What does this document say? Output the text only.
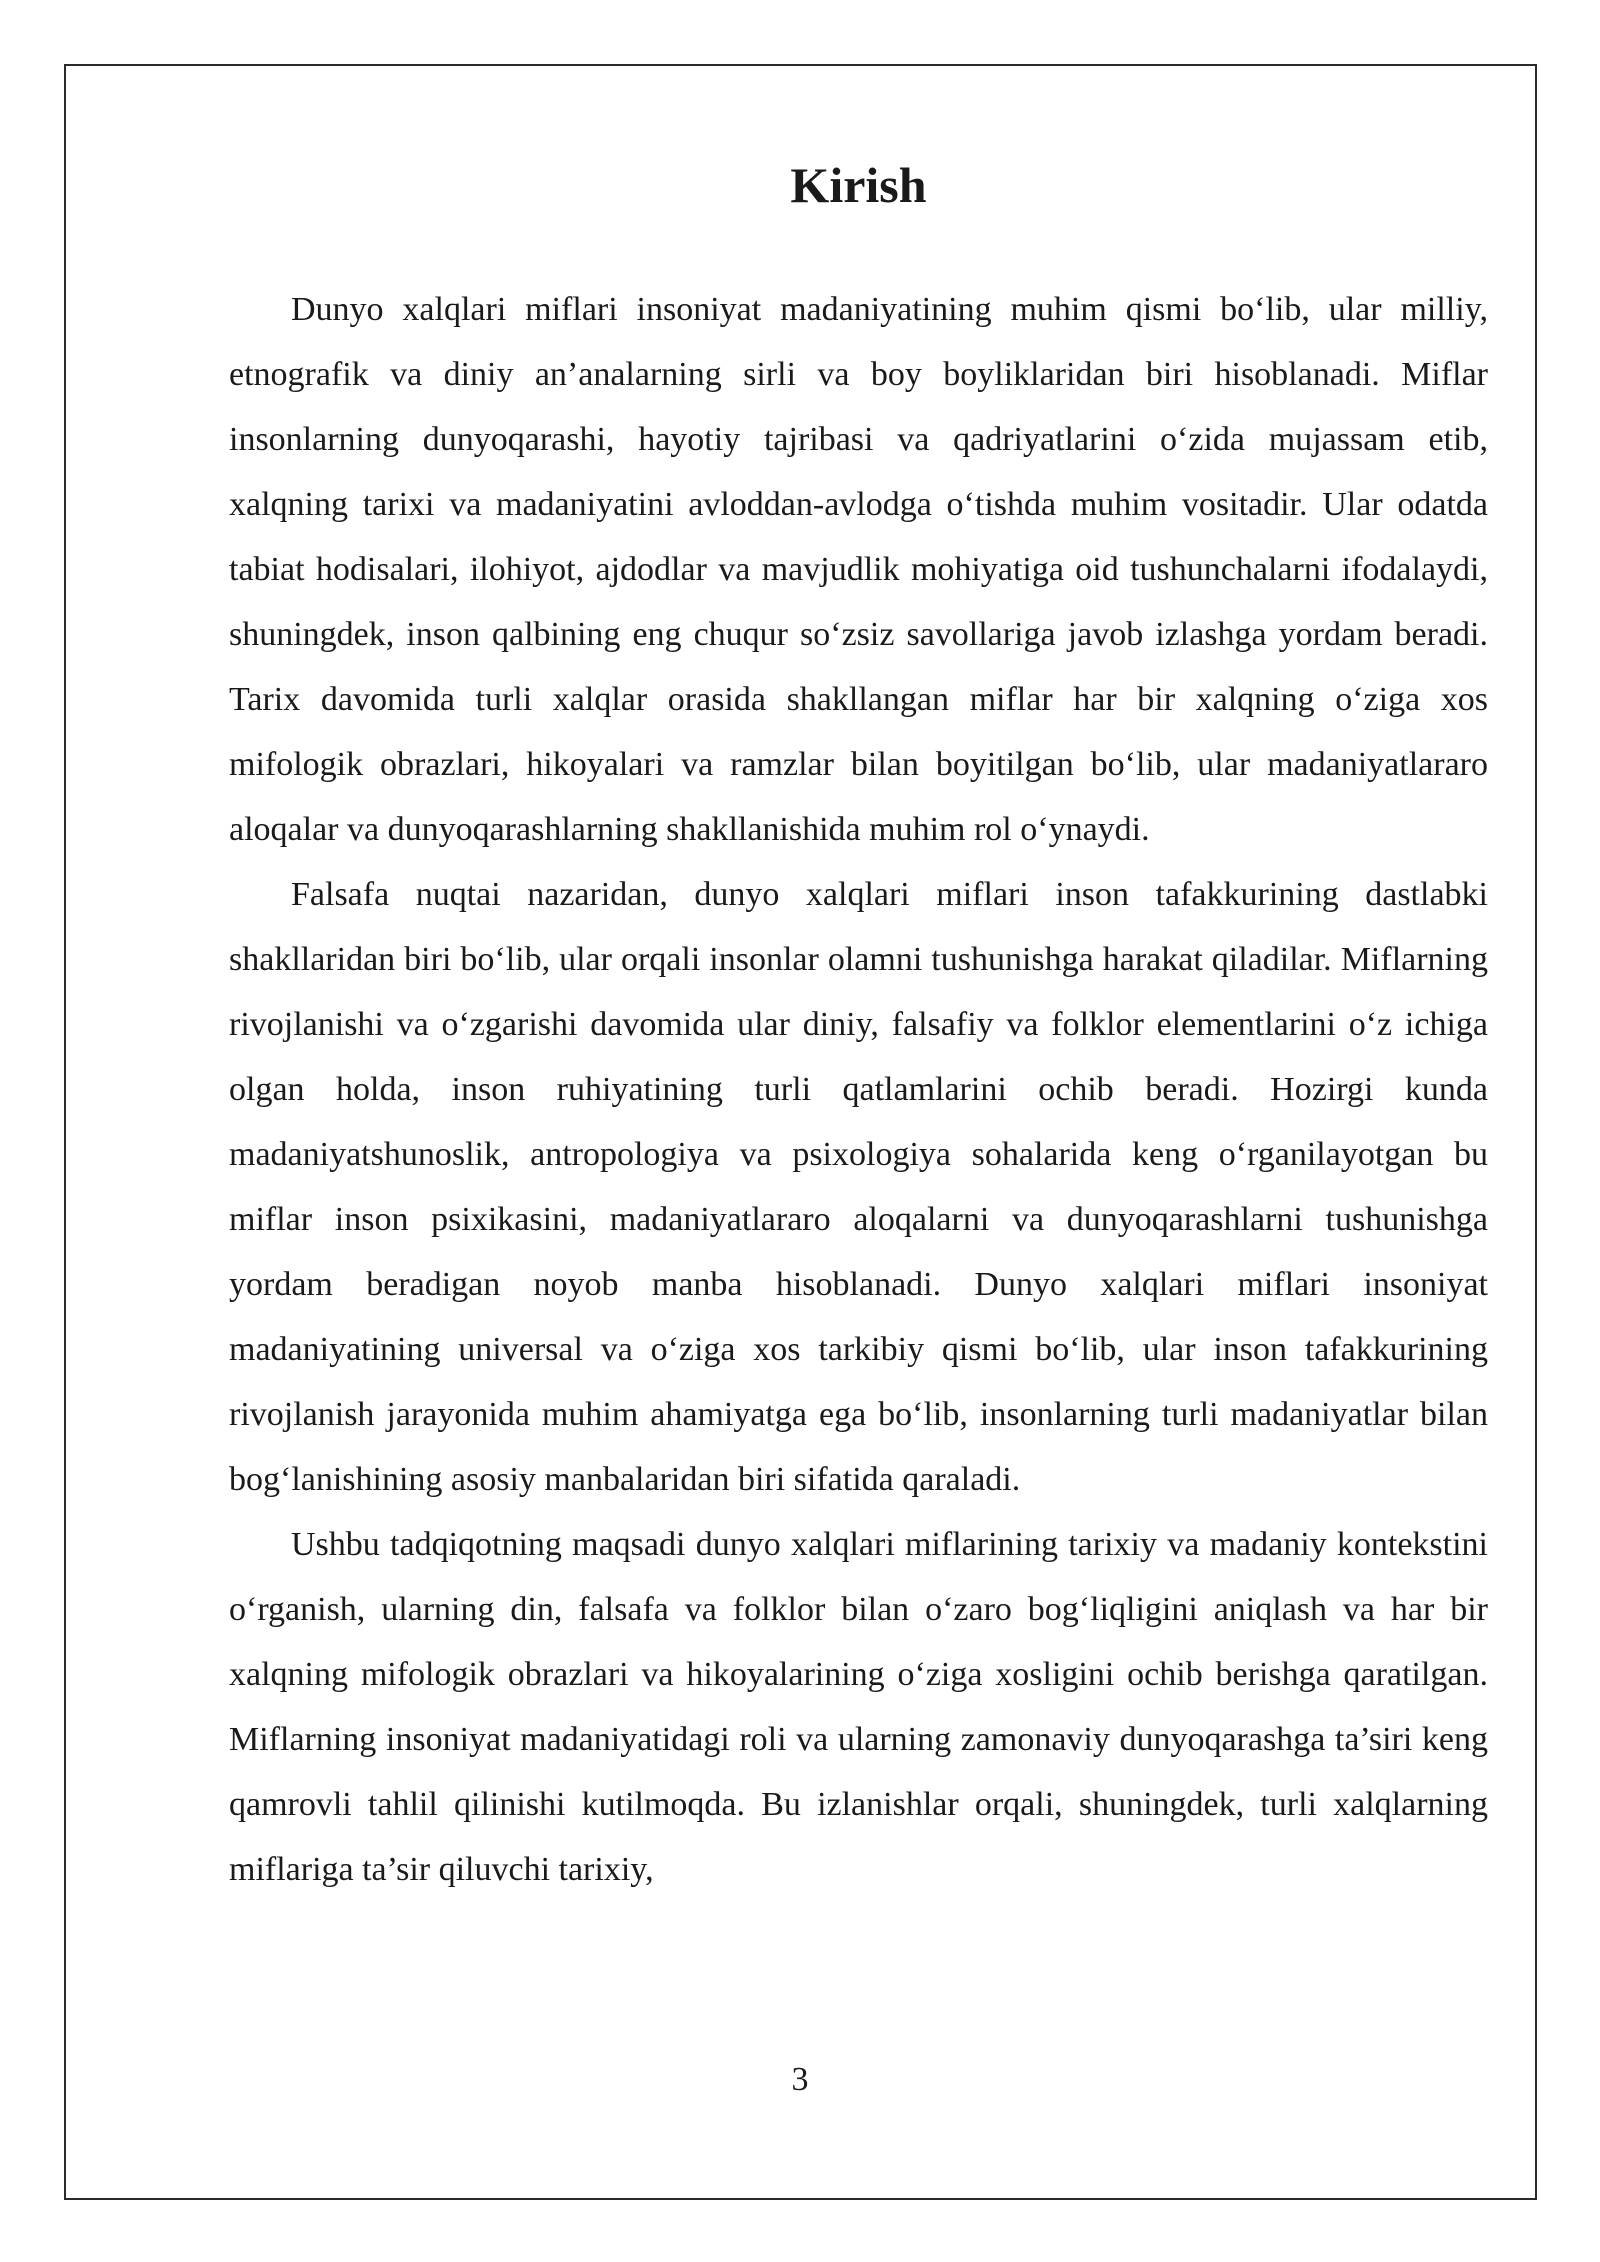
Kirish

Dunyo xalqlari miflari insoniyat madaniyatining muhim qismi bo‘lib, ular milliy, etnografik va diniy an’analarning sirli va boy boyliklaridan biri hisoblanadi. Miflar insonlarning dunyoqarashi, hayotiy tajribasi va qadriyatlarini o‘zida mujassam etib, xalqning tarixi va madaniyatini avloddan-avlodga o‘tishda muhim vositadir. Ular odatda tabiat hodisalari, ilohiyot, ajdodlar va mavjudlik mohiyatiga oid tushunchalarni ifodalaydi, shuningdek, inson qalbining eng chuqur so‘zsiz savollariga javob izlashga yordam beradi. Tarix davomida turli xalqlar orasida shakllangan miflar har bir xalqning o‘ziga xos mifologik obrazlari, hikoyalari va ramzlar bilan boyitilgan bo‘lib, ular madaniyatlararo aloqalar va dunyoqarashlarning shakllanishida muhim rol o‘ynaydi.

Falsafa nuqtai nazaridan, dunyo xalqlari miflari inson tafakkurining dastlabki shakllaridan biri bo‘lib, ular orqali insonlar olamni tushunishga harakat qiladilar. Miflarning rivojlanishi va o‘zgarishi davomida ular diniy, falsafiy va folklor elementlarini o‘z ichiga olgan holda, inson ruhiyatining turli qatlamlarini ochib beradi. Hozirgi kunda madaniyatshunoslik, antropologiya va psixologiya sohalarida keng o‘rganilayotgan bu miflar inson psixikasini, madaniyatlararo aloqalarni va dunyoqarashlarni tushunishga yordam beradigan noyob manba hisoblanadi. Dunyo xalqlari miflari insoniyat madaniyatining universal va o‘ziga xos tarkibiy qismi bo‘lib, ular inson tafakkurining rivojlanish jarayonida muhim ahamiyatga ega bo‘lib, insonlarning turli madaniyatlar bilan bog‘lanishining asosiy manbalaridan biri sifatida qaraladi.

Ushbu tadqiqotning maqsadi dunyo xalqlari miflarining tarixiy va madaniy kontekstini o‘rganish, ularning din, falsafa va folklor bilan o‘zaro bog‘liqligini aniqlash va har bir xalqning mifologik obrazlari va hikoyalarining o‘ziga xosligini ochib berishga qaratilgan. Miflarning insoniyat madaniyatidagi roli va ularning zamonaviy dunyoqarashga ta’siri keng qamrovli tahlil qilinishi kutilmoqda. Bu izlanishlar orqali, shuningdek, turli xalqlarning miflariga ta’sir qiluvchi tarixiy,

3
